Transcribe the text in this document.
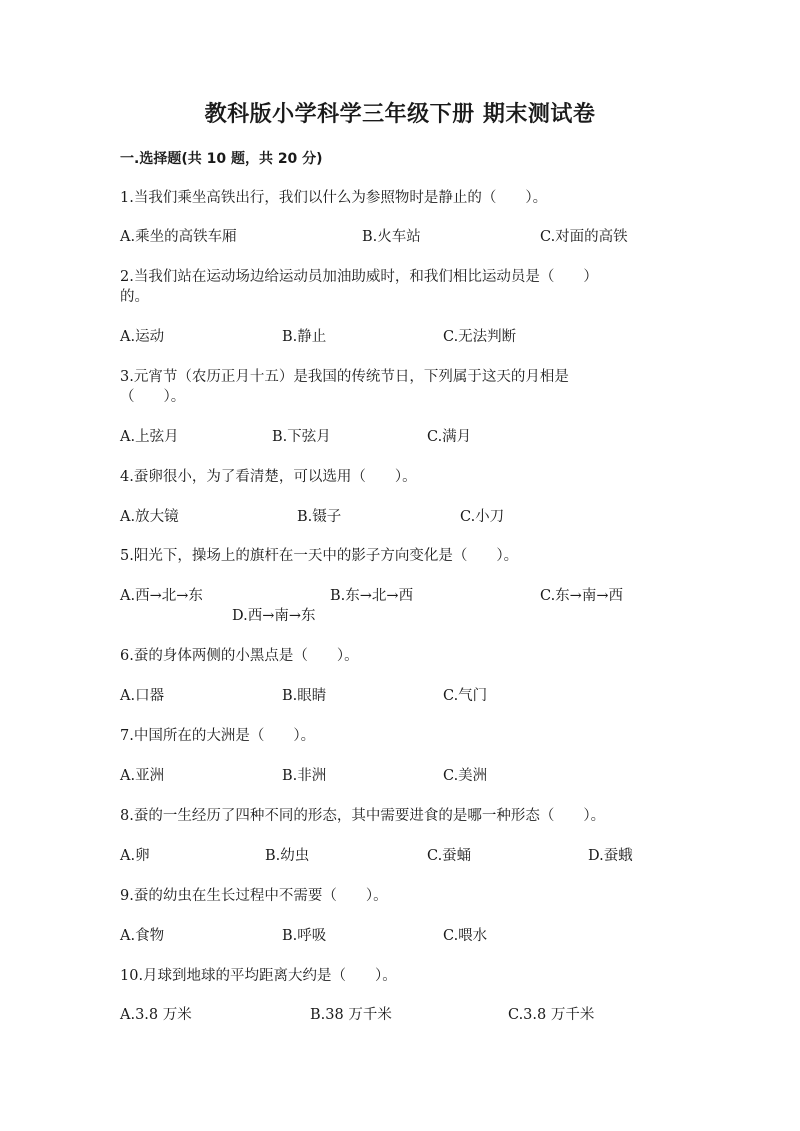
教科版小学科学三年级下册 期末测试卷
一.选择题(共 10 题，共 20 分)
1.当我们乘坐高铁出行，我们以什么为参照物时是静止的（　　）。
A.乘坐的高铁车厢	B.火车站	C.对面的高铁
2.当我们站在运动场边给运动员加油助威时，和我们相比运动员是（　　）
的。
A.运动	B.静止	C.无法判断
3.元宵节（农历正月十五）是我国的传统节日，下列属于这天的月相是
（　　）。
A.上弦月	B.下弦月	C.满月
4.蚕卵很小，为了看清楚，可以选用（　　）。
A.放大镜	B.镊子	C.小刀
5.阳光下，操场上的旗杆在一天中的影子方向变化是（　　）。
A.西→北→东	B.东→北→西	C.东→南→西
D.西→南→东
6.蚕的身体两侧的小黑点是（　　）。
A.口器	B.眼睛	C.气门
7.中国所在的大洲是（　　）。
A.亚洲	B.非洲	C.美洲
8.蚕的一生经历了四种不同的形态，其中需要进食的是哪一种形态（　　）。
A.卵	B.幼虫	C.蚕蛹	D.蚕蛾
9.蚕的幼虫在生长过程中不需要（　　）。
A.食物	B.呼吸	C.喂水
10.月球到地球的平均距离大约是（　　）。
A.3.8 万米	B.38 万千米	C.3.8 万千米
